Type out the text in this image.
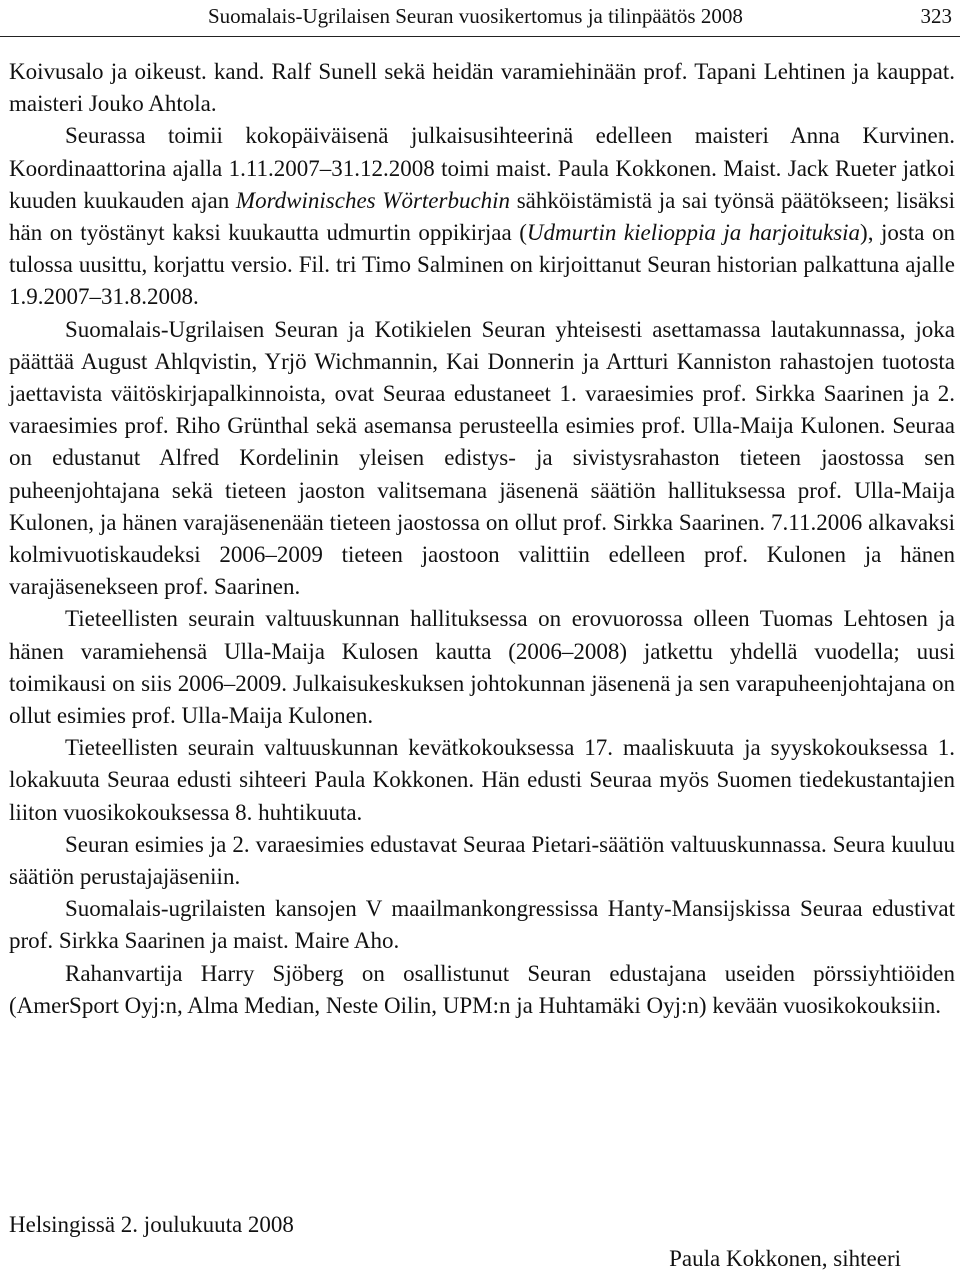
Suomalais-Ugrilaisen Seuran vuosikertomus ja tilinpäätös 2008	323

Koivusalo ja oikeust. kand. Ralf Sunell sekä heidän varamiehinään prof. Tapani Lehtinen ja kauppat. maisteri Jouko Ahtola.

Seurassa toimii kokopäiväisenä julkaisusihteerinä edelleen maisteri Anna Kurvinen. Koordinaattorina ajalla 1.11.2007–31.12.2008 toimi maist. Paula Kokkonen. Maist. Jack Rueter jatkoi kuuden kuukauden ajan Mordwinisches Wörterbuchin sähköistämistä ja sai työnsä päätökseen; lisäksi hän on työstänyt kaksi kuukautta udmurtin oppikirjaa (Udmurtin kielioppia ja harjoituksia), josta on tulossa uusittu, korjattu versio. Fil. tri Timo Salminen on kirjoittanut Seuran historian palkattuna ajalle 1.9.2007–31.8.2008.

Suomalais-Ugrilaisen Seuran ja Kotikielen Seuran yhteisesti asettamassa lautakunnassa, joka päättää August Ahlqvistin, Yrjö Wichmannin, Kai Donnerin ja Artturi Kanniston rahastojen tuotosta jaettavista väitöskirjapalkinnoista, ovat Seuraa edustaneet 1. varaesimies prof. Sirkka Saarinen ja 2. varaesimies prof. Riho Grünthal sekä asemansa perusteella esimies prof. Ulla-Maija Kulonen. Seuraa on edustanut Alfred Kordelinin yleisen edistys- ja sivistysrahaston tieteen jaostossa sen puheenjohtajana sekä tieteen jaoston valitsemana jäsenenä säätiön hallituksessa prof. Ulla-Maija Kulonen, ja hänen varajäsenenään tieteen jaostossa on ollut prof. Sirkka Saarinen. 7.11.2006 alkavaksi kolmivuotiskaudeksi 2006–2009 tieteen jaostoon valittiin edelleen prof. Kulonen ja hänen varajäsenekseen prof. Saarinen.

Tieteellisten seurain valtuuskunnan hallituksessa on erovuorossa olleen Tuomas Lehtosen ja hänen varamiehensä Ulla-Maija Kulosen kautta (2006–2008) jatkettu yhdellä vuodella; uusi toimikausi on siis 2006–2009. Julkaisukeskuksen johtokunnan jäsenenä ja sen varapuheenjohtajana on ollut esimies prof. Ulla-Maija Kulonen.

Tieteellisten seurain valtuuskunnan kevätkokouksessa 17. maaliskuuta ja syyskokouksessa 1. lokakuuta Seuraa edusti sihteeri Paula Kokkonen. Hän edusti Seuraa myös Suomen tiedekustantajien liiton vuosikokouksessa 8. huhtikuuta.

Seuran esimies ja 2. varaesimies edustavat Seuraa Pietari-säätiön valtuuskunnassa. Seura kuuluu säätiön perustajajäseniin.

Suomalais-ugrilaisten kansojen V maailmankongressissa Hanty-Mansijskissa Seuraa edustivat prof. Sirkka Saarinen ja maist. Maire Aho.

Rahanvartija Harry Sjöberg on osallistunut Seuran edustajana useiden pörssiyhtiöiden (AmerSport Oyj:n, Alma Median, Neste Oilin, UPM:n ja Huhtamäki Oyj:n) kevään vuosikokouksiin.

Helsingissä 2. joulukuuta 2008
Paula Kokkonen, sihteeri
